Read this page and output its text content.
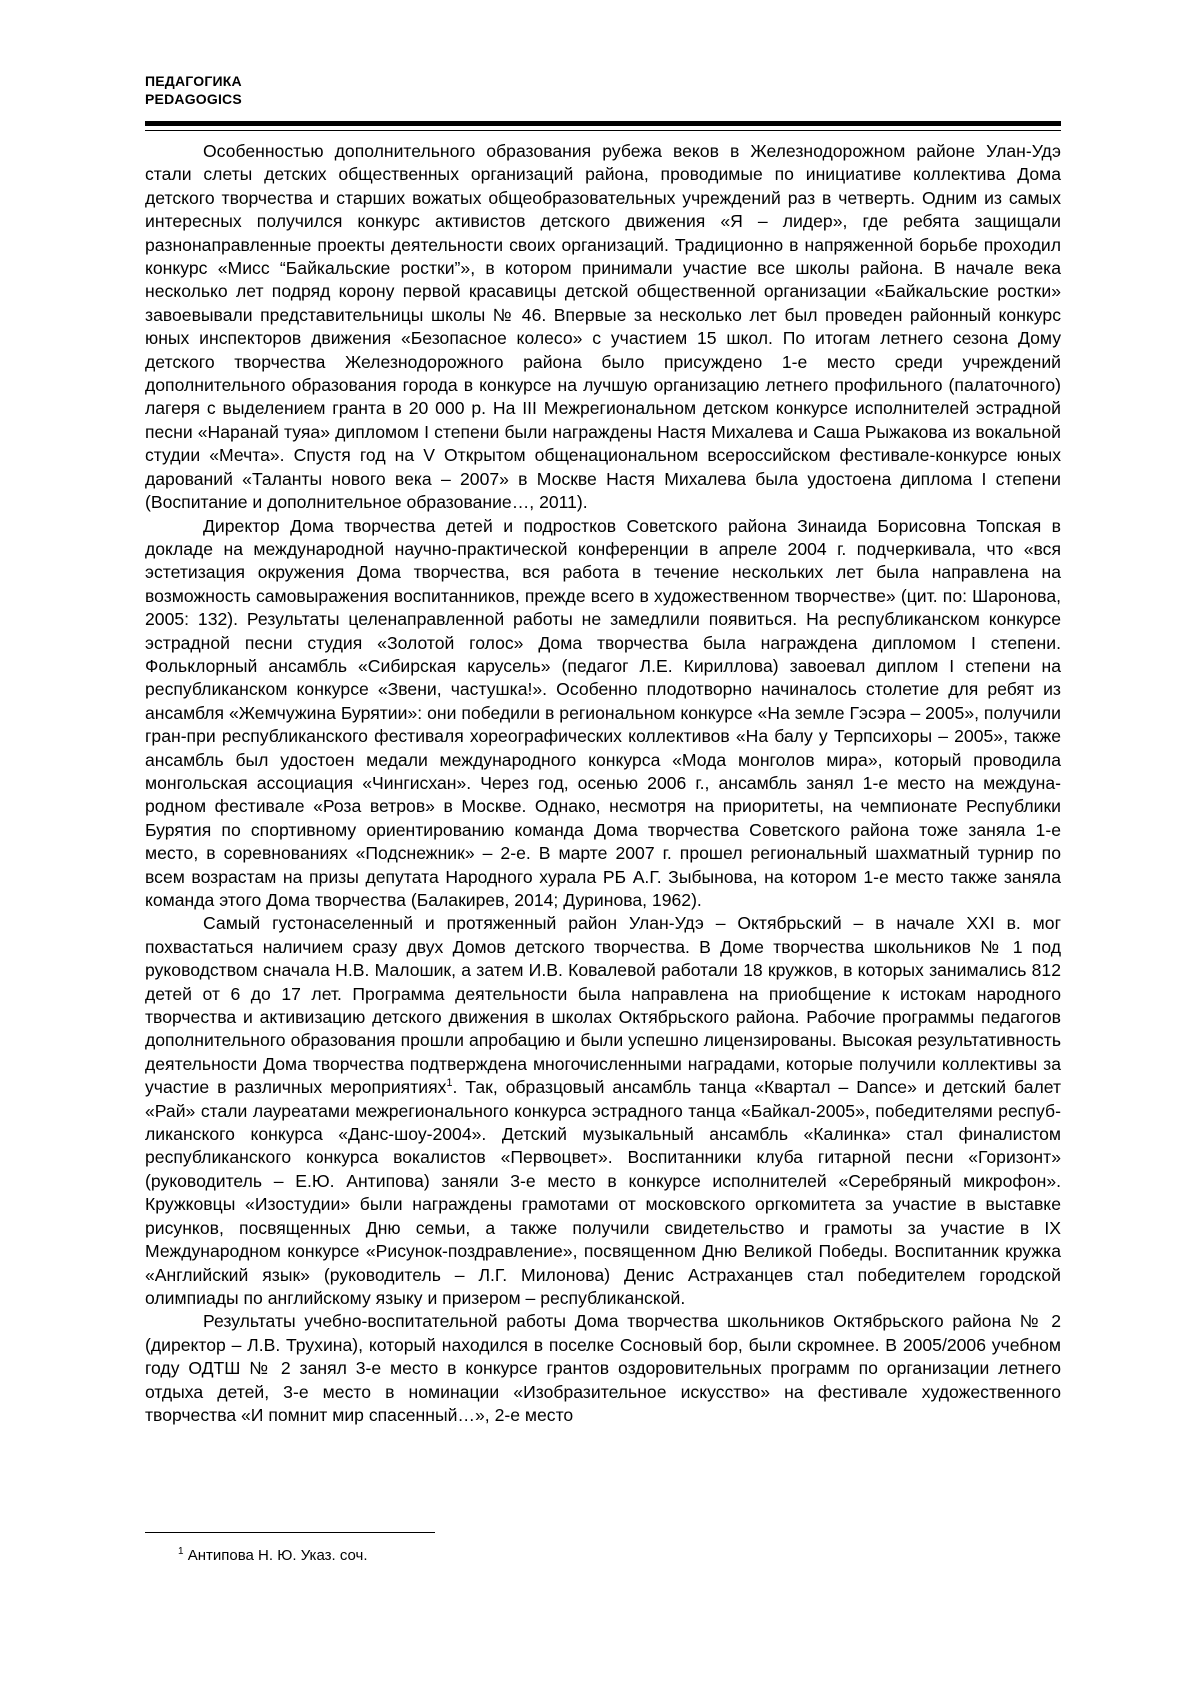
ПЕДАГОГИКА
PEDAGOGICS

Особенностью дополнительного образования рубежа веков в Железнодорожном районе Улан-Удэ стали слеты детских общественных организаций района, проводимые по инициативе коллектива Дома детского творчества и старших вожатых общеобразовательных учреждений раз в четверть. Одним из самых интересных получился конкурс активистов детского движения «Я – лидер», где ребята защищали разнонаправленные проекты деятельности своих организаций. Традиционно в напряженной борьбе проходил конкурс «Мисс “Байкальские ростки”», в котором принимали участие все школы района. В начале века несколько лет подряд корону первой красавицы детской общественной организации «Байкальские ростки» завоевывали представительницы школы № 46. Впервые за несколько лет был проведен районный конкурс юных инспекторов движения «Безопасное колесо» с участием 15 школ. По итогам летнего сезона Дому детского творчества Железнодорожного района было присуждено 1-е место среди учреждений дополнительного образования города в конкурсе на лучшую организацию летнего профильного (палаточного) лагеря с выделением гранта в 20 000 р. На III Межрегиональном детском конкурсе исполнителей эстрадной песни «Наранай туяа» дипломом I степени были награждены Настя Михалева и Саша Рыжакова из вокальной студии «Мечта». Спустя год на V Открытом общенациональном всероссийском фестивале-конкурсе юных дарований «Таланты нового века – 2007» в Москве Настя Михалева была удостоена диплома I степени (Воспитание и дополнительное образование…, 2011).

Директор Дома творчества детей и подростков Советского района Зинаида Борисовна Топская в докладе на международной научно-практической конференции в апреле 2004 г. подчеркивала, что «вся эстетизация окружения Дома творчества, вся работа в течение нескольких лет была направлена на возможность самовыражения воспитанников, прежде всего в художественном творчестве» (цит. по: Шаронова, 2005: 132). Результаты целенаправленной работы не замедлили появиться. На республиканском конкурсе эстрадной песни студия «Золотой голос» Дома творчества была награждена дипломом I степени. Фольклорный ансамбль «Сибирская карусель» (педагог Л.Е. Кириллова) завоевал диплом I степени на республиканском конкурсе «Звени, частушка!». Особенно плодотворно начиналось столетие для ребят из ансамбля «Жемчужина Бурятии»: они победили в региональном конкурсе «На земле Гэсэра – 2005», получили гран-при республиканского фестиваля хореографических коллективов «На балу у Терпсихоры – 2005», также ансамбль был удостоен медали международного конкурса «Мода монголов мира», который проводила монгольская ассоциация «Чингисхан». Через год, осенью 2006 г., ансамбль занял 1-е место на международном фестивале «Роза ветров» в Москве. Однако, несмотря на приоритеты, на чемпионате Республики Бурятия по спортивному ориентированию команда Дома творчества Советского района тоже заняла 1-е место, в соревнованиях «Подснежник» – 2-е. В марте 2007 г. прошел региональный шахматный турнир по всем возрастам на призы депутата Народного хурала РБ А.Г. Зыбынова, на котором 1-е место также заняла команда этого Дома творчества (Балакирев, 2014; Дуринова, 1962).

Самый густонаселенный и протяженный район Улан-Удэ – Октябрьский – в начале XXI в. мог похвастаться наличием сразу двух Домов детского творчества. В Доме творчества школьников № 1 под руководством сначала Н.В. Малошик, а затем И.В. Ковалевой работали 18 кружков, в которых занимались 812 детей от 6 до 17 лет. Программа деятельности была направлена на приобщение к истокам народного творчества и активизацию детского движения в школах Октябрьского района. Рабочие программы педагогов дополнительного образования прошли апробацию и были успешно лицензированы. Высокая результативность деятельности Дома творчества подтверждена многочисленными наградами, которые получили коллективы за участие в различных мероприятиях$^1$. Так, образцовый ансамбль танца «Квартал – Dance» и детский балет «Рай» стали лауреатами межрегионального конкурса эстрадного танца «Байкал-2005», победителями республиканского конкурса «Данс-шоу-2004». Детский музыкальный ансамбль «Калинка» стал финалистом республиканского конкурса вокалистов «Первоцвет». Воспитанники клуба гитарной песни «Горизонт» (руководитель – Е.Ю. Антипова) заняли 3-е место в конкурсе исполнителей «Серебряный микрофон». Кружковцы «Изостудии» были награждены грамотами от московского оргкомитета за участие в выставке рисунков, посвященных Дню семьи, а также получили свидетельство и грамоты за участие в IX Международном конкурсе «Рисунок-поздравление», посвященном Дню Великой Победы. Воспитанник кружка «Английский язык» (руководитель – Л.Г. Милонова) Денис Астраханцев стал победителем городской олимпиады по английскому языку и призером – республиканской.

Результаты учебно-воспитательной работы Дома творчества школьников Октябрьского района № 2 (директор – Л.В. Трухина), который находился в поселке Сосновый бор, были скромнее. В 2005/2006 учебном году ОДТШ № 2 занял 3-е место в конкурсе грантов оздоровительных программ по организации летнего отдыха детей, 3-е место в номинации «Изобразительное искусство» на фестивале художественного творчества «И помнит мир спасенный…», 2-е место

$^1$ Антипова Н. Ю. Указ. соч.
